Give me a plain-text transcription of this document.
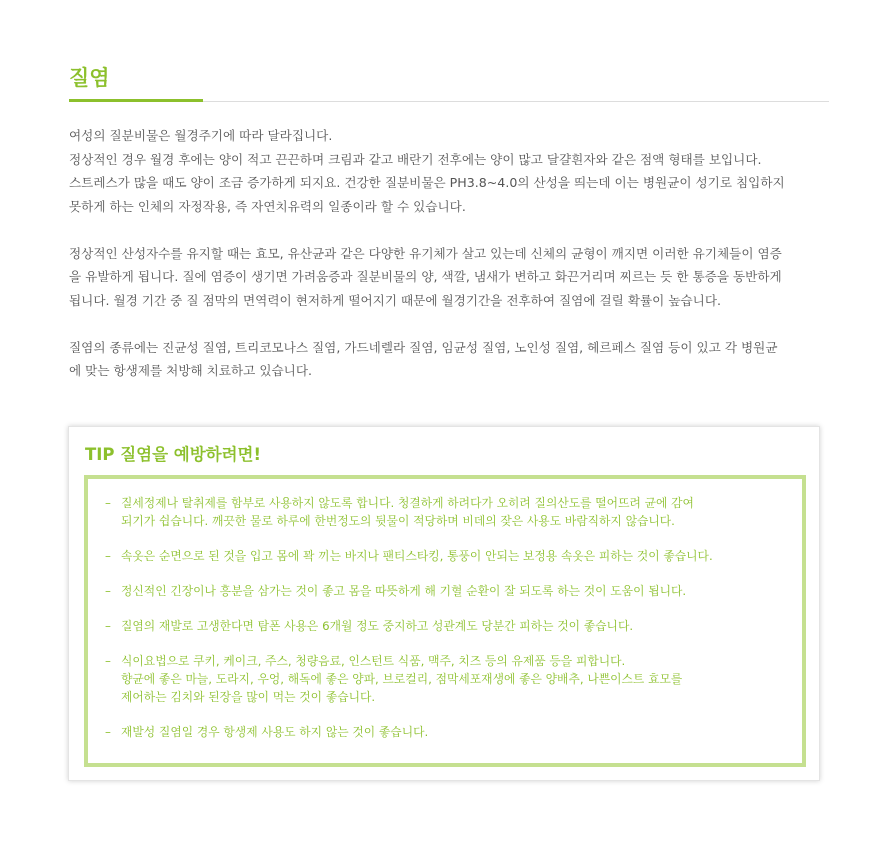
질염

여성의 질분비물은 월경주기에 따라 달라집니다.
정상적인 경우 월경 후에는 양이 적고 끈끈하며 크림과 같고 배란기 전후에는 양이 많고 달걀흰자와 같은 점액 형태를 보입니다.
스트레스가 많을 때도 양이 조금 증가하게 되지요. 건강한 질분비물은 PH3.8~4.0의 산성을 띄는데 이는 병원균이 성기로 침입하지
못하게 하는 인체의 자정작용, 즉 자연치유력의 일종이라 할 수 있습니다.

정상적인 산성자수를 유지할 때는 효모, 유산균과 같은 다양한 유기체가 살고 있는데 신체의 균형이 깨지면 이러한 유기체들이 염증
을 유발하게 됩니다. 질에 염증이 생기면 가려움증과 질분비물의 양, 색깔, 냄새가 변하고 화끈거리며 찌르는 듯 한 통증을 동반하게
됩니다. 월경 기간 중 질 점막의 면역력이 현저하게 떨어지기 때문에 월경기간을 전후하여 질염에 걸릴 확률이 높습니다.

질염의 종류에는 진균성 질염, 트리코모나스 질염, 가드네렐라 질염, 임균성 질염, 노인성 질염, 헤르페스 질염 등이 있고 각 병원균
에 맞는 항생제를 처방해 치료하고 있습니다.

TIP 질염을 예방하려면!
– 질세정제나 탈취제를 함부로 사용하지 않도록 합니다. 청결하게 하려다가 오히려 질의산도를 떨어뜨려 균에 감여
되기가 쉽습니다. 깨끗한 물로 하루에 한번정도의 뒷물이 적당하며 비데의 잦은 사용도 바람직하지 않습니다.
– 속옷은 순면으로 된 것을 입고 몸에 꽉 끼는 바지나 팬티스타킹, 통풍이 안되는 보정용 속옷은 피하는 것이 좋습니다.
– 정신적인 긴장이나 흥분을 삼가는 것이 좋고 몸을 따뜻하게 해 기혈 순환이 잘 되도록 하는 것이 도움이 됩니다.
– 질염의 재발로 고생한다면 탐폰 사용은 6개월 정도 중지하고 성관계도 당분간 피하는 것이 좋습니다.
– 식이요법으로 쿠키, 케이크, 주스, 청량음료, 인스턴트 식품, 맥주, 치즈 등의 유제품 등을 피합니다.
향균에 좋은 마늘, 도라지, 우엉, 해독에 좋은 양파, 브로컬리, 점막세포재생에 좋은 양배추, 나쁜이스트 효모를
제어하는 김치와 된장을 많이 먹는 것이 좋습니다.
– 재발성 질염일 경우 항생제 사용도 하지 않는 것이 좋습니다.
